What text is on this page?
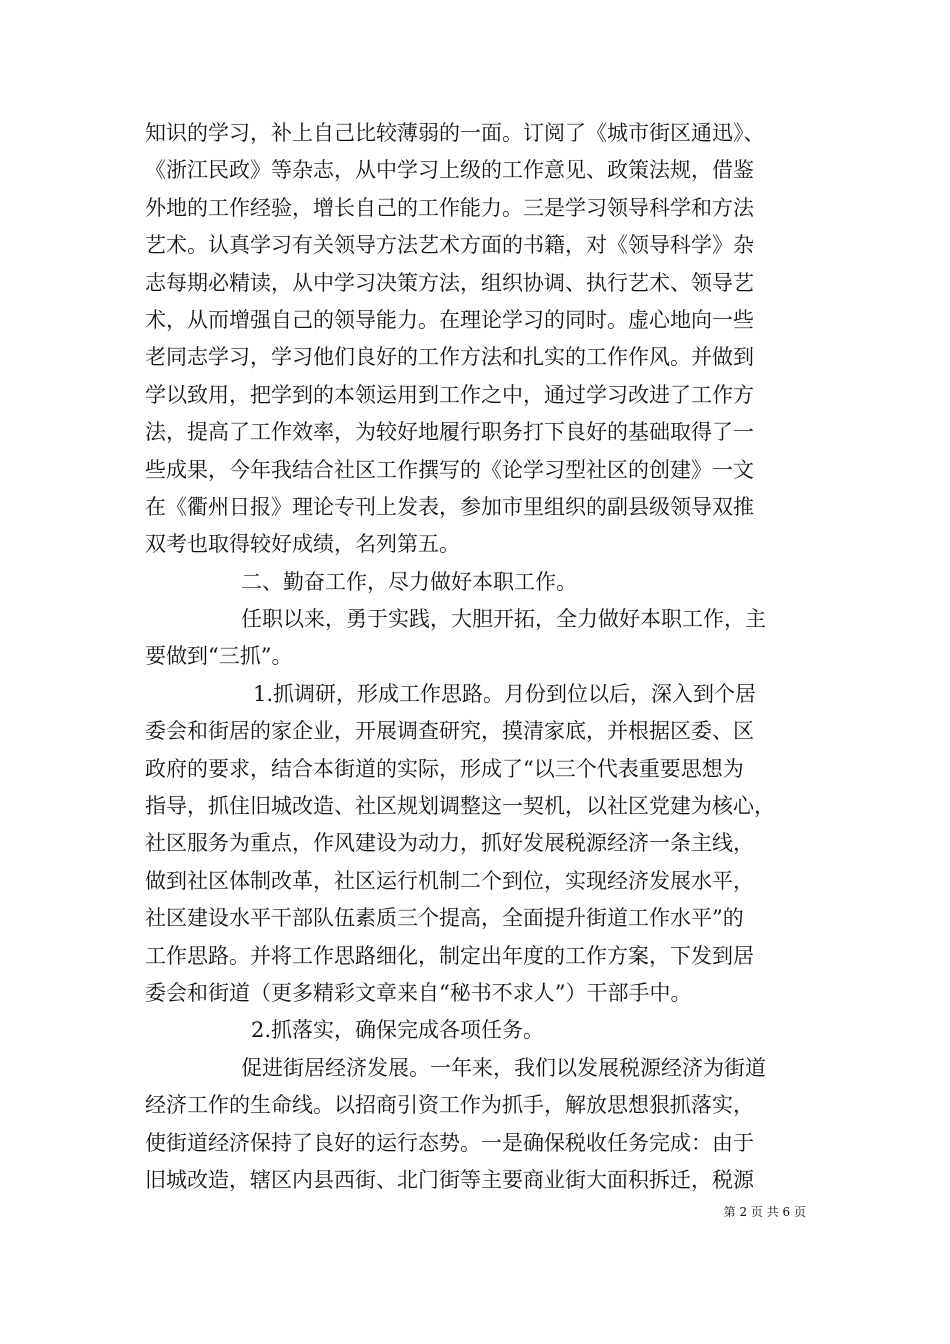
知识的学习，补上自己比较薄弱的一面。订阅了《城市街区通迅》、
《浙江民政》等杂志，从中学习上级的工作意见、政策法规，借鉴
外地的工作经验，增长自己的工作能力。三是学习领导科学和方法
艺术。认真学习有关领导方法艺术方面的书籍，对《领导科学》杂
志每期必精读，从中学习决策方法，组织协调、执行艺术、领导艺
术，从而增强自己的领导能力。在理论学习的同时。虚心地向一些
老同志学习，学习他们良好的工作方法和扎实的工作作风。并做到
学以致用，把学到的本领运用到工作之中，通过学习改进了工作方
法，提高了工作效率，为较好地履行职务打下良好的基础取得了一
些成果，今年我结合社区工作撰写的《论学习型社区的创建》一文
在《衢州日报》理论专刊上发表，参加市里组织的副县级领导双推
双考也取得较好成绩，名列第五。
二、勤奋工作，尽力做好本职工作。
任职以来，勇于实践，大胆开拓，全力做好本职工作，主
要做到“三抓”。
1.抓调研，形成工作思路。月份到位以后，深入到个居
委会和街居的家企业，开展调查研究，摸清家底，并根据区委、区
政府的要求，结合本街道的实际，形成了“以三个代表重要思想为
指导，抓住旧城改造、社区规划调整这一契机，以社区党建为核心，
社区服务为重点，作风建设为动力，抓好发展税源经济一条主线，
做到社区体制改革，社区运行机制二个到位，实现经济发展水平，
社区建设水平干部队伍素质三个提高，全面提升街道工作水平”的
工作思路。并将工作思路细化，制定出年度的工作方案，下发到居
委会和街道（更多精彩文章来自“秘书不求人”）干部手中。
2.抓落实，确保完成各项任务。
促进街居经济发展。一年来，我们以发展税源经济为街道
经济工作的生命线。以招商引资工作为抓手，解放思想狠抓落实，
使街道经济保持了良好的运行态势。一是确保税收任务完成：由于
旧城改造，辖区内县西街、北门街等主要商业街大面积拆迁，税源
第 2 页 共 6 页
